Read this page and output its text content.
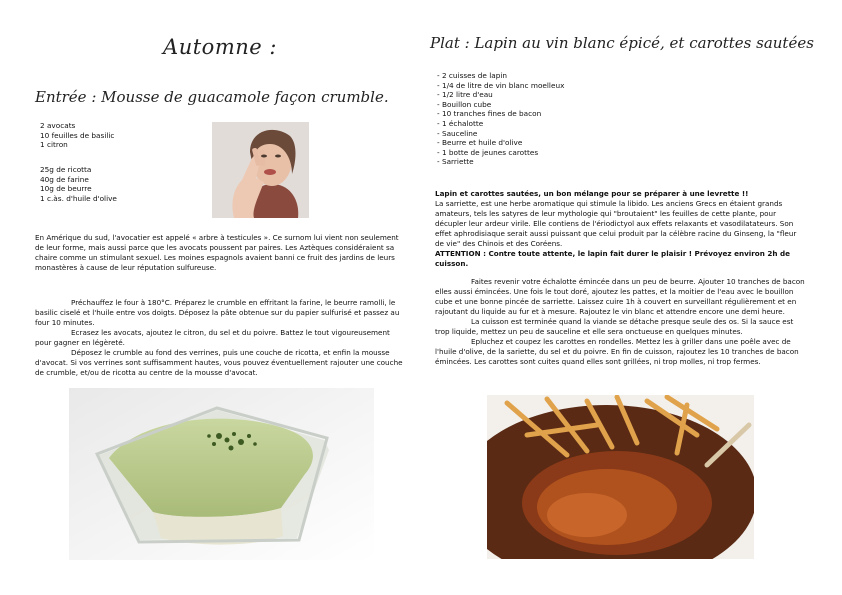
Automne :
Entrée : Mousse de guacamole façon crumble.
2 avocats
10 feuilles de basilic
1 citron
25g de ricotta
40g de farine
10g de beurre
1 c.às. d'huile d'olive

En Amérique du sud, l'avocatier est appelé « arbre à testicules ». Ce surnom lui vient non seulement de leur forme, mais aussi parce que les avocats poussent par paires. Les Aztèques considéraient sa chaire comme un stimulant sexuel. Les moines espagnols avaient banni ce fruit des jardins de leurs monastères à cause de leur réputation sulfureuse.

Préchauffez le four à 180°C. Préparez le crumble en effritant la farine, le beurre ramolli, le basilic ciselé et l'huile entre vos doigts. Déposez la pâte obtenue sur du papier sulfurisé et passez au four 10 minutes.

Ecrasez les avocats, ajoutez le citron, du sel et du poivre. Battez le tout vigoureusement pour gagner en légèreté.

Déposez le crumble au fond des verrines, puis une couche de ricotta, et enfin la mousse d'avocat. Si vos verrines sont suffisamment hautes, vous pouvez éventuellement rajouter une couche de crumble, et/ou de ricotta au centre de la mousse d'avocat.

Plat : Lapin au vin blanc épicé, et carottes sautées
- 2 cuisses de lapin
- 1/4 de litre de vin blanc moelleux
- 1/2 litre d'eau
- Bouillon cube
- 10 tranches fines de bacon
- 1 échalotte
- Sauceline
- Beurre et huile d'olive
- 1 botte de jeunes carottes
- Sarriette

Lapin et carottes sautées, un bon mélange pour se préparer à une levrette !!

La sarriette, est une herbe aromatique qui stimule la libido. Les anciens Grecs en étaient grands amateurs, tels les satyres de leur mythologie qui "broutaient" les feuilles de cette plante, pour décupler leur ardeur virile. Elle contiens de l'ériodictyol aux effets relaxants et vasodilatateurs. Son effet aphrodisiaque serait aussi puissant que celui produit par la célèbre racine du Ginseng, la "fleur de vie" des Chinois et des Coréens.

ATTENTION : Contre toute attente, le lapin fait durer le plaisir ! Prévoyez environ 2h de cuisson.

Faites revenir votre échalotte émincée dans un peu de beurre. Ajouter 10 tranches de bacon elles aussi émincées. Une fois le tout doré, ajoutez les pattes, et la moitier de l'eau avec le bouillon cube et une bonne pincée de sarriette. Laissez cuire 1h à couvert en surveillant régulièrement et en rajoutant du liquide au fur et à mesure. Rajoutez le vin blanc et attendre encore une demi heure.

La cuisson est terminée quand la viande se détache presque seule des os. Si la sauce est trop liquide, mettez un peu de sauceline et elle sera onctueuse en quelques minutes.

Epluchez et coupez les carottes en rondelles. Mettez les à griller dans une poêle avec de l'huile d'olive, de la sariette, du sel et du poivre. En fin de cuisson, rajoutez les 10 tranches de bacon émincées. Les carottes sont cuites quand elles sont grillées, ni trop molles, ni trop fermes.
